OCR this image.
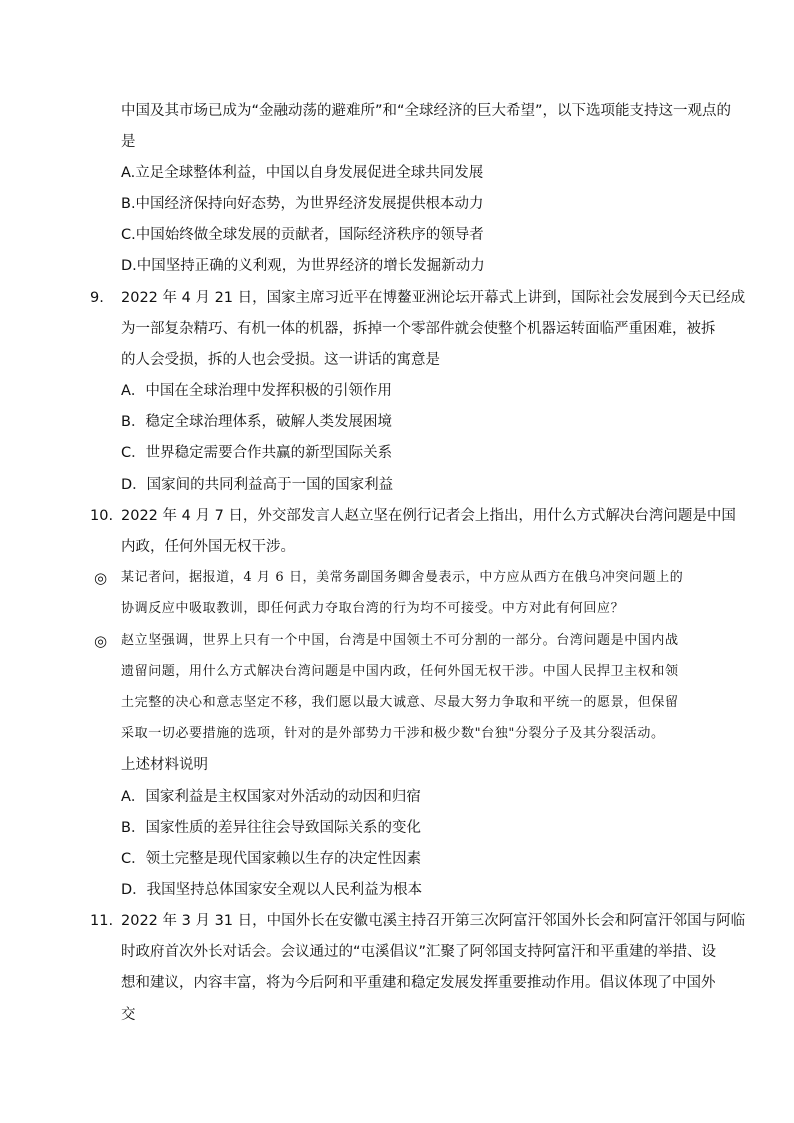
中国及其市场已成为“金融动荡的避难所”和“全球经济的巨大希望”，以下选项能支持这一观点的
是
A.立足全球整体利益，中国以自身发展促进全球共同发展
B.中国经济保持向好态势，为世界经济发展提供根本动力
C.中国始终做全球发展的贡献者，国际经济秩序的领导者
D.中国坚持正确的义利观，为世界经济的增长发掘新动力
9. 2022 年 4 月 21 日，国家主席习近平在博鳌亚洲论坛开幕式上讲到，国际社会发展到今天已经成
为一部复杂精巧、有机一体的机器，拆掉一个零部件就会使整个机器运转面临严重困难，被拆
的人会受损，拆的人也会受损。这一讲话的寓意是
A．中国在全球治理中发挥积极的引领作用
B．稳定全球治理体系，破解人类发展困境
C．世界稳定需要合作共赢的新型国际关系
D．国家间的共同利益高于一国的国家利益
10. 2022 年 4 月 7 日，外交部发言人赵立坚在例行记者会上指出，用什么方式解决台湾问题是中国
内政，任何外国无权干涉。
◎ 某记者问，据报道，4 月 6 日，美常务副国务卿舍曼表示，中方应从西方在俄乌冲突问题上的
协调反应中吸取教训，即任何武力夺取台湾的行为均不可接受。中方对此有何回应？
◎ 赵立坚强调，世界上只有一个中国，台湾是中国领土不可分割的一部分。台湾问题是中国内战
遗留问题，用什么方式解决台湾问题是中国内政，任何外国无权干涉。中国人民捍卫主权和领
土完整的决心和意志坚定不移，我们愿以最大诚意、尽最大努力争取和平统一的愿景，但保留
采取一切必要措施的选项，针对的是外部势力干涉和极少数"台独"分裂分子及其分裂活动。
上述材料说明
A．国家利益是主权国家对外活动的动因和归宿
B．国家性质的差异往往会导致国际关系的变化
C．领土完整是现代国家赖以生存的决定性因素
D．我国坚持总体国家安全观以人民利益为根本
11. 2022 年 3 月 31 日，中国外长在安徽屯溪主持召开第三次阿富汗邻国外长会和阿富汗邻国与阿临
时政府首次外长对话会。会议通过的“屯溪倡议”汇聚了阿邻国支持阿富汗和平重建的举措、设
想和建议，内容丰富，将为今后阿和平重建和稳定发展发挥重要推动作用。倡议体现了中国外
交
